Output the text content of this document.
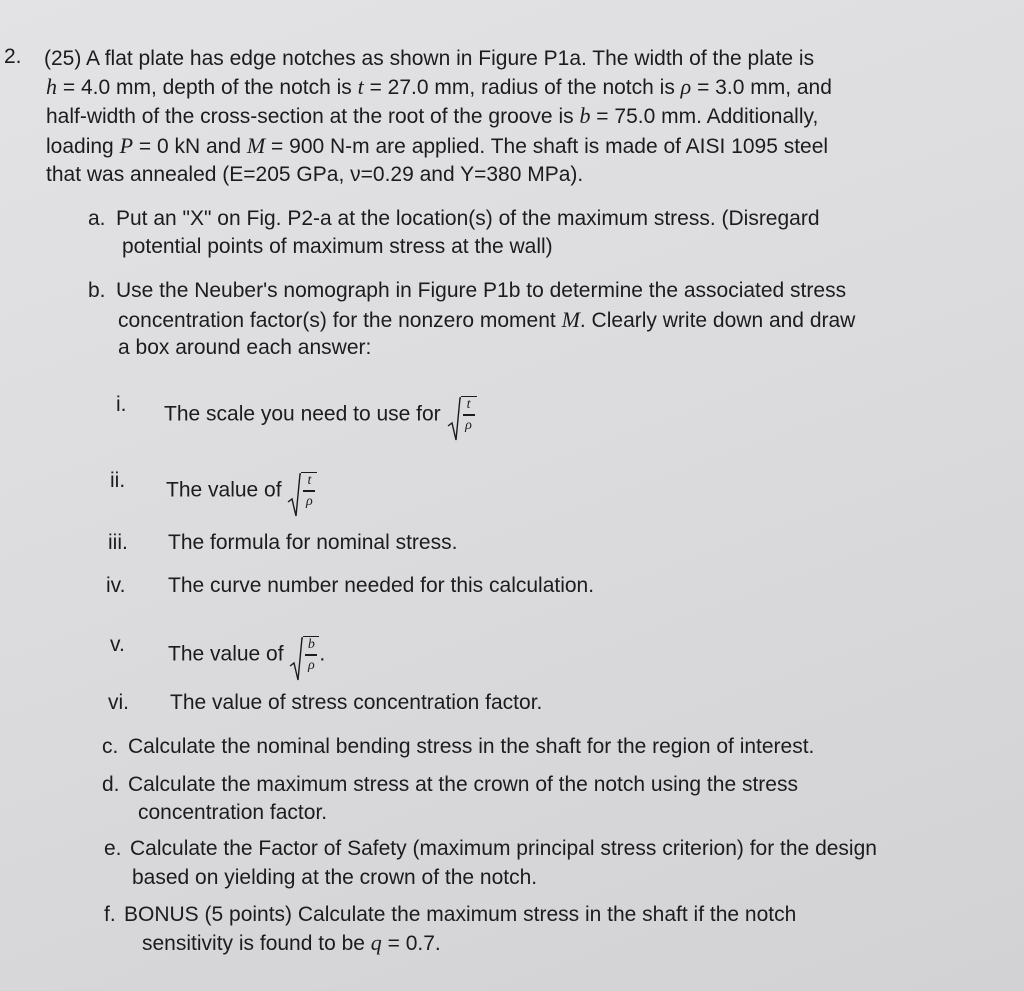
2. (25) A flat plate has edge notches as shown in Figure P1a. The width of the plate is
h = 4.0 mm, depth of the notch is t = 27.0 mm, radius of the notch is ρ = 3.0 mm, and
half-width of the cross-section at the root of the groove is b = 75.0 mm. Additionally,
loading P = 0 kN and M = 900 N-m are applied. The shaft is made of AISI 1095 steel
that was annealed (E=205 GPa, ν=0.29 and Y=380 MPa).
a. Put an "X" on Fig. P2-a at the location(s) of the maximum stress. (Disregard
potential points of maximum stress at the wall)
b. Use the Neuber's nomograph in Figure P1b to determine the associated stress
concentration factor(s) for the nonzero moment M. Clearly write down and draw
a box around each answer:
i. The scale you need to use for $\frac{t}{\rho}$
ii. The value of $\frac{t}{\rho}$
iii. The formula for nominal stress.
iv. The curve number needed for this calculation.
v. The value of $\frac{b}{\rho}$ .
vi. The value of stress concentration factor.
c. Calculate the nominal bending stress in the shaft for the region of interest.
d. Calculate the maximum stress at the crown of the notch using the stress
concentration factor.
e. Calculate the Factor of Safety (maximum principal stress criterion) for the design
based on yielding at the crown of the notch.
f. BONUS (5 points) Calculate the maximum stress in the shaft if the notch
sensitivity is found to be q = 0.7.
